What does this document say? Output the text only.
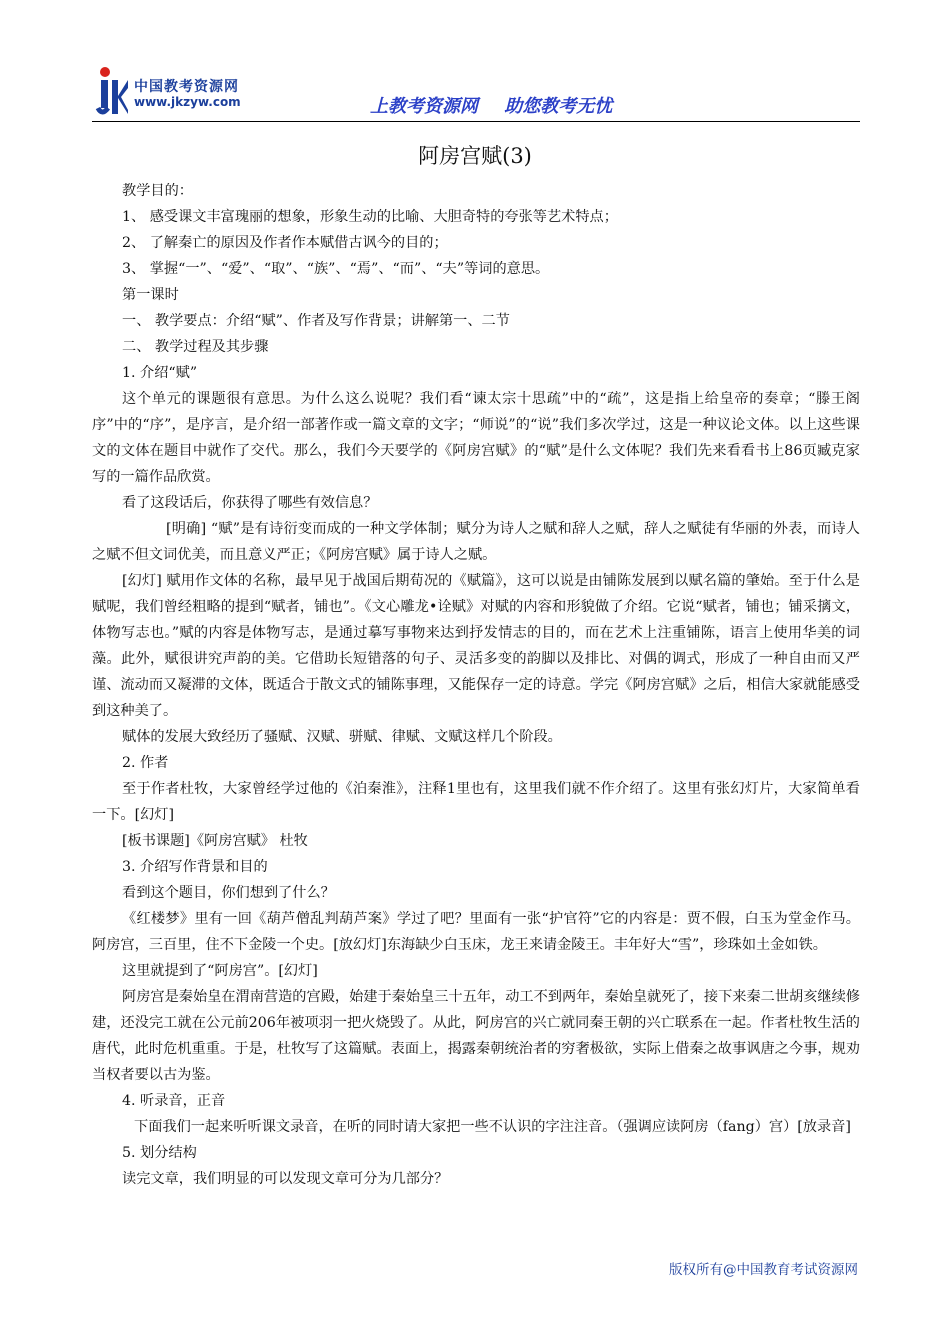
中国教考资源网
www.jkzyw.com	上教考资源网 助您教考无忧
阿房宫赋(3)

教学目的：

1、 感受课文丰富瑰丽的想象，形象生动的比喻、大胆奇特的夸张等艺术特点；

2、 了解秦亡的原因及作者作本赋借古讽今的目的；

3、 掌握“一”、“爱”、“取”、“族”、“焉”、“而”、“夫”等词的意思。

第一课时

一、 教学要点：介绍“赋”、作者及写作背景；讲解第一、二节

二、 教学过程及其步骤

1. 介绍“赋”

这个单元的课题很有意思。为什么这么说呢？我们看“谏太宗十思疏”中的“疏”，这是指上给皇帝的奏章；“滕王阁序”中的“序”，是序言，是介绍一部著作或一篇文章的文字；“师说”的“说”我们多次学过，这是一种议论文体。以上这些课文的文体在题目中就作了交代。那么，我们今天要学的《阿房宫赋》的“赋”是什么文体呢？我们先来看看书上86页臧克家写的一篇作品欣赏。

看了这段话后，你获得了哪些有效信息？

[明确] “赋”是有诗衍变而成的一种文学体制；赋分为诗人之赋和辞人之赋，辞人之赋徒有华丽的外表，而诗人之赋不但文词优美，而且意义严正；《阿房宫赋》属于诗人之赋。

[幻灯] 赋用作文体的名称，最早见于战国后期荀况的《赋篇》，这可以说是由铺陈发展到以赋名篇的肇始。至于什么是赋呢，我们曾经粗略的提到“赋者，铺也”。《文心雕龙•诠赋》对赋的内容和形貌做了介绍。它说“赋者，铺也；铺采摛文，体物写志也。”赋的内容是体物写志，是通过摹写事物来达到抒发情志的目的，而在艺术上注重铺陈，语言上使用华美的词藻。此外，赋很讲究声韵的美。它借助长短错落的句子、灵活多变的韵脚以及排比、对偶的调式，形成了一种自由而又严谨、流动而又凝滞的文体，既适合于散文式的铺陈事理，又能保存一定的诗意。学完《阿房宫赋》之后，相信大家就能感受到这种美了。

赋体的发展大致经历了骚赋、汉赋、骈赋、律赋、文赋这样几个阶段。

2. 作者

至于作者杜牧，大家曾经学过他的《泊秦淮》，注释1里也有，这里我们就不作介绍了。这里有张幻灯片，大家简单看一下。[幻灯]

[板书课题]《阿房宫赋》 杜牧

3. 介绍写作背景和目的

看到这个题目，你们想到了什么？

《红楼梦》里有一回《葫芦僧乱判葫芦案》学过了吧？里面有一张“护官符”它的内容是：贾不假，白玉为堂金作马。阿房宫，三百里，住不下金陵一个史。[放幻灯]东海缺少白玉床，龙王来请金陵王。丰年好大“雪”，珍珠如土金如铁。

这里就提到了“阿房宫”。[幻灯]

阿房宫是秦始皇在渭南营造的宫殿，始建于秦始皇三十五年，动工不到两年，秦始皇就死了，接下来秦二世胡亥继续修建，还没完工就在公元前206年被项羽一把火烧毁了。从此，阿房宫的兴亡就同秦王朝的兴亡联系在一起。作者杜牧生活的唐代，此时危机重重。于是，杜牧写了这篇赋。表面上，揭露秦朝统治者的穷奢极欲，实际上借秦之故事讽唐之今事，规劝当权者要以古为鉴。

4. 听录音，正音

下面我们一起来听听课文录音，在听的同时请大家把一些不认识的字注注音。（强调应读阿房（fang）宫）[放录音]

5. 划分结构

读完文章，我们明显的可以发现文章可分为几部分？

版权所有@中国教育考试资源网
